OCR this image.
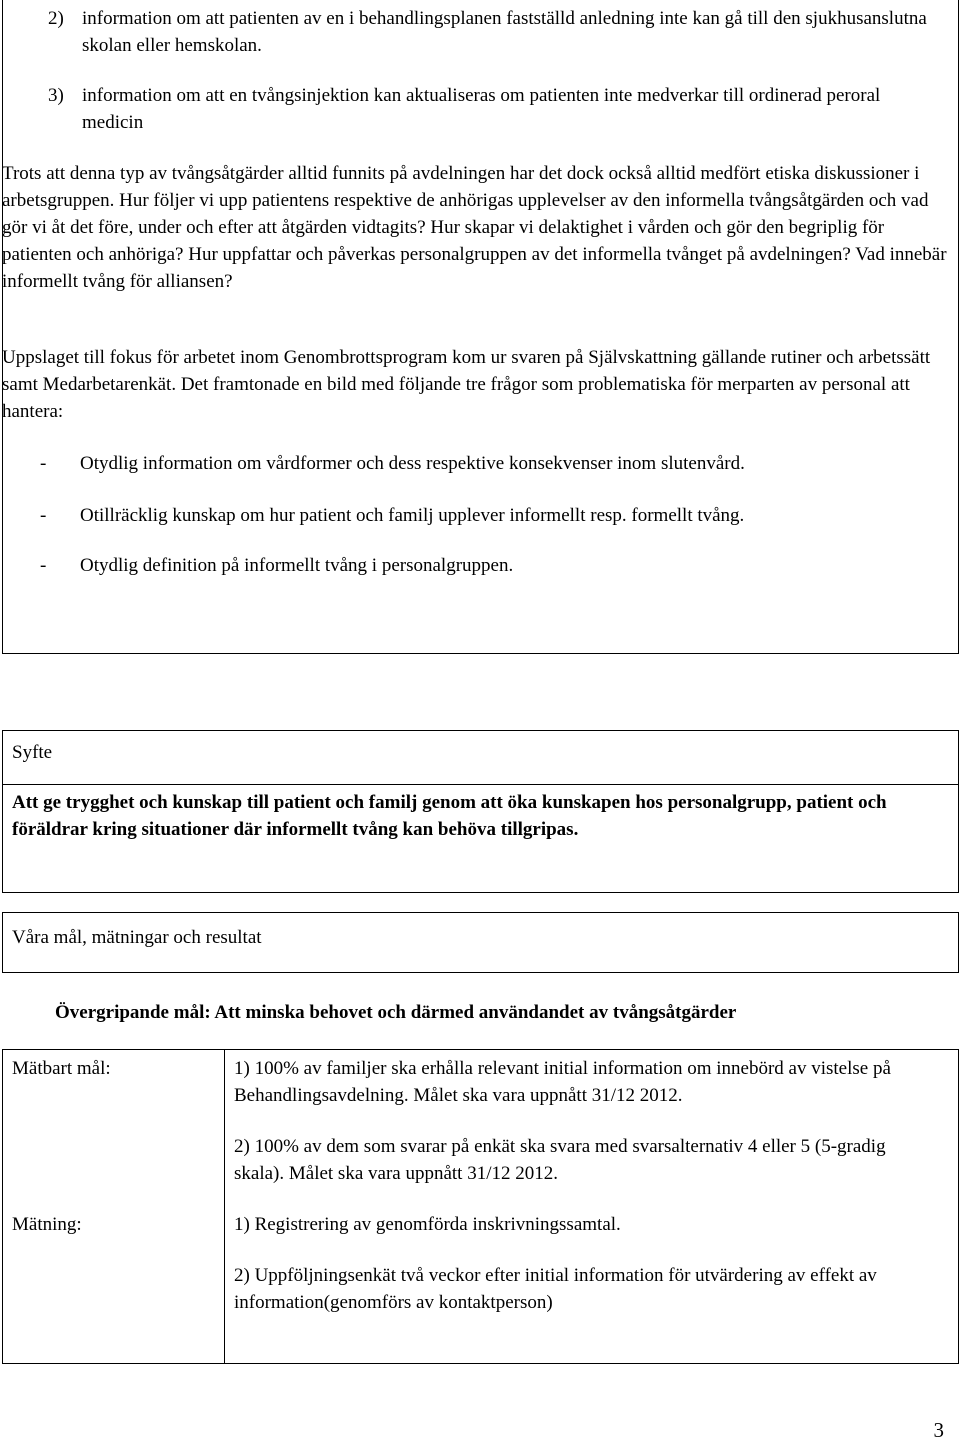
2) information om att patienten av en i behandlingsplanen fastställd anledning inte kan gå till den sjukhusanslutna skolan eller hemskolan.
3) information om att en tvångsinjektion kan aktualiseras om patienten inte medverkar till ordinerad peroral medicin
Trots att denna typ av tvångsåtgärder alltid funnits på avdelningen har det dock också alltid medfört etiska diskussioner i arbetsgruppen. Hur följer vi upp patientens respektive de anhörigas upplevelser av den informella tvångsåtgärden och vad gör vi åt det före, under och efter att åtgärden vidtagits? Hur skapar vi delaktighet i vården och gör den begriplig för patienten och anhöriga? Hur uppfattar och påverkas personalgruppen av det informella tvånget på avdelningen? Vad innebär informellt tvång för alliansen?
Uppslaget till fokus för arbetet inom Genombrottsprogram kom ur svaren på Självskattning gällande rutiner och arbetssätt samt Medarbetarenkät. Det framtonade en bild med följande tre frågor som problematiska för merparten av personal att hantera:
- Otydlig information om vårdformer och dess respektive konsekvenser inom slutenvård.
- Otillräcklig kunskap om hur patient och familj upplever informellt resp. formellt tvång.
- Otydlig definition på informellt tvång i personalgruppen.
Syfte
Att ge trygghet och kunskap till patient och familj genom att öka kunskapen hos personalgrupp, patient och föräldrar kring situationer där informellt tvång kan behöva tillgripas.
Våra mål, mätningar och resultat
Övergripande mål: Att minska behovet och därmed användandet av tvångsåtgärder
Mätbart mål:	1) 100% av familjer ska erhålla relevant initial information om innebörd av vistelse på Behandlingsavdelning. Målet ska vara uppnått 31/12 2012.
2) 100% av dem som svarar på enkät ska svara med svarsalternativ 4 eller 5 (5-gradig skala). Målet ska vara uppnått 31/12 2012.
Mätning:	1) Registrering av genomförda inskrivningssamtal.
2) Uppföljningsenkät två veckor efter initial information för utvärdering av effekt av information(genomförs av kontaktperson)
3
